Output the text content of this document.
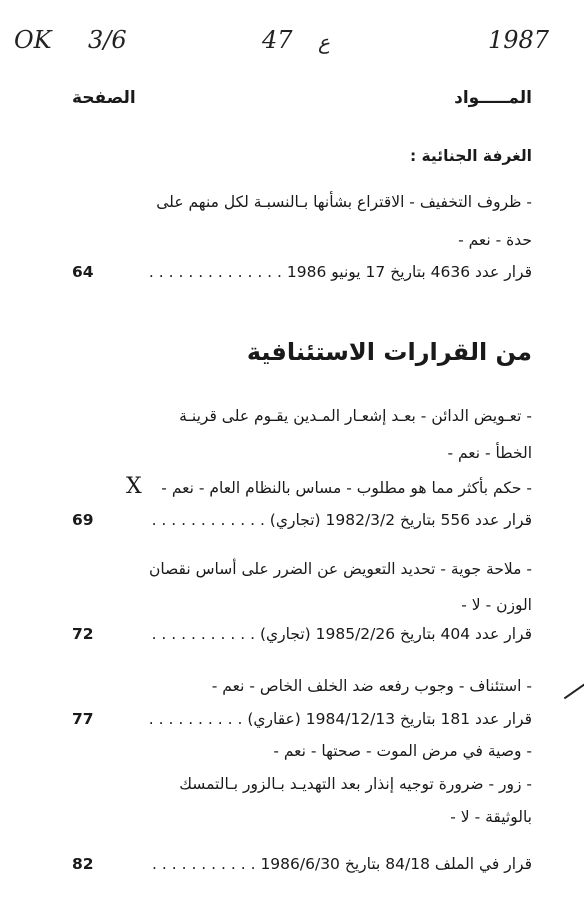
OK 3/6	47 ع	1987
المـــــواد
الصفحة
الغرفة الجنائية :
- ظروف التخفيف - الاقتراع بشأنها بـالنسبـة لكل منهم على
حدة - نعم -
64	قرار عدد 4636 بتاريخ 17 يونيو 1986 . . . . . . . . . . . . . .
من القرارات الاستئنافية
- تعـويض الدائن - بعـد إشعـار المـدين يقـوم على قرينـة
الخطأ - نعم -
- حكم بأكثر مما هو مطلوب - مساس بالنظام العام - نعم -
X
69	قرار عدد 556 بتاريخ 1982/3/2 (تجاري) . . . . . . . . . . . .
- ملاحة جوية - تحديد التعويض عن الضرر على أساس نقصان
الوزن - لا -
72	قرار عدد 404 بتاريخ 1985/2/26 (تجاري) . . . . . . . . . . .
- استئناف - وجوب رفعه ضد الخلف الخاص - نعم -
77	قرار عدد 181 بتاريخ 1984/12/13 (عقاري) . . . . . . . . . .
- وصية في مرض الموت - صحتها - نعم -
- زور - ضرورة توجيه إنذار بعد التهديـد بـالزور بـالتمسك
بالوثيقة - لا -
82	قرار في الملف 84/18 بتاريخ 1986/6/30 . . . . . . . . . . .
